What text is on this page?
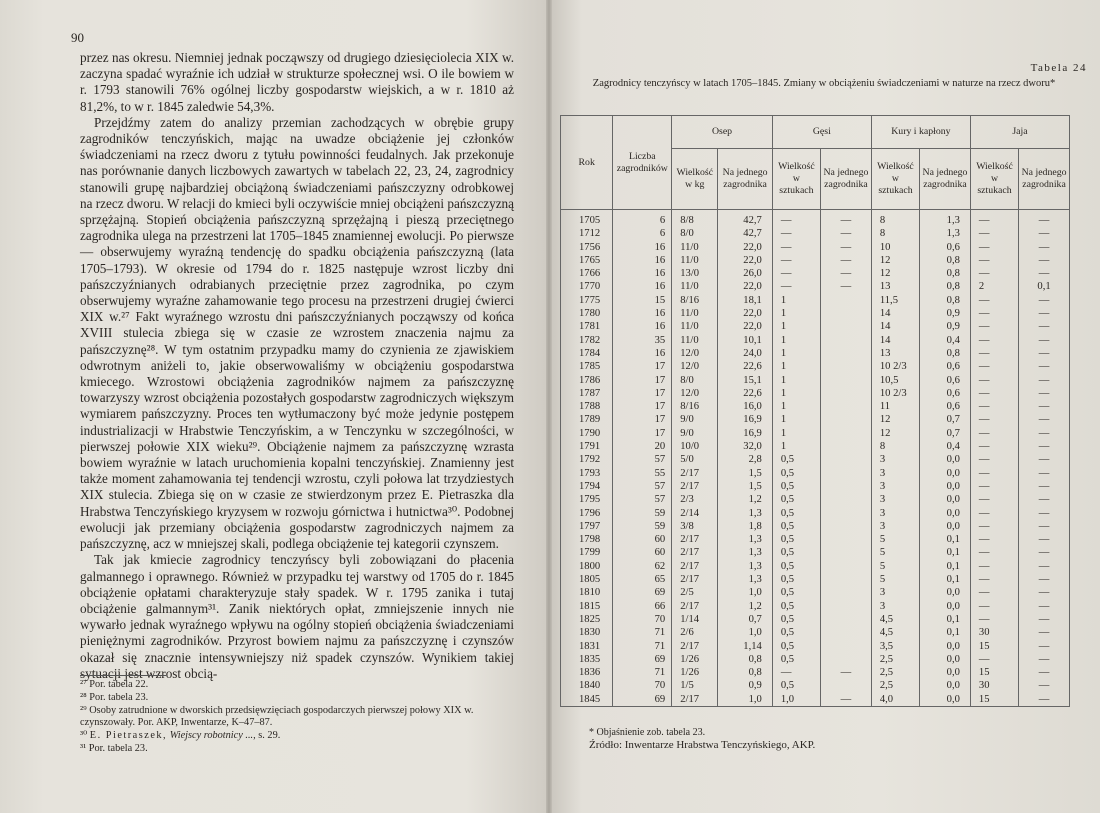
90

przez nas okresu. Niemniej jednak począwszy od drugiego dziesięciolecia XIX w. zaczyna spadać wyraźnie ich udział w strukturze społecznej wsi. O ile bowiem w r. 1793 stanowili 76% ogólnej liczby gospodarstw wiejskich, a w r. 1810 aż 81,2%, to w r. 1845 zaledwie 54,3%.

Przejdźmy zatem do analizy przemian zachodzących w obrębie grupy zagrodników tenczyńskich, mając na uwadze obciążenie jej członków świadczeniami na rzecz dworu z tytułu powinności feudalnych. Jak przekonuje nas porównanie danych liczbowych zawartych w tabelach 22, 23, 24, zagrodnicy stanowili grupę najbardziej obciążoną świadczeniami pańszczyzny odrobkowej na rzecz dworu. W relacji do kmieci byli oczywiście mniej obciążeni pańszczyzną sprzężajną. Stopień obciążenia pańszczyzną sprzężajną i pieszą przeciętnego zagrodnika ulega na przestrzeni lat 1705–1845 znamiennej ewolucji. Po pierwsze — obserwujemy wyraźną tendencję do spadku obciążenia pańszczyzną (lata 1705–1793). W okresie od 1794 do r. 1825 następuje wzrost liczby dni pańszczyźnianych odrabianych przeciętnie przez zagrodnika, po czym obserwujemy wyraźne zahamowanie tego procesu na przestrzeni drugiej ćwierci XIX w.²⁷ Fakt wyraźnego wzrostu dni pańszczyźnianych począwszy od końca XVIII stulecia zbiega się w czasie ze wzrostem znaczenia najmu za pańszczyznę²⁸. W tym ostatnim przypadku mamy do czynienia ze zjawiskiem odwrotnym aniżeli to, jakie obserwowaliśmy w obciążeniu gospodarstwa kmiecego. Wzrostowi obciążenia zagrodników najmem za pańszczyznę towarzyszy wzrost obciążenia pozostałych gospodarstw zagrodniczych większym wymiarem pańszczyzny. Proces ten wytłumaczony być może jedynie postępem industrializacji w Hrabstwie Tenczyńskim, a w Tenczynku w szczególności, w pierwszej połowie XIX wieku²⁹. Obciążenie najmem za pańszczyznę wzrasta bowiem wyraźnie w latach uruchomienia kopalni tenczyńskiej. Znamienny jest także moment zahamowania tej tendencji wzrostu, czyli połowa lat trzydziestych XIX stulecia. Zbiega się on w czasie ze stwierdzonym przez E. Pietraszka dla Hrabstwa Tenczyńskiego kryzysem w rozwoju górnictwa i hutnictwa³⁰. Podobnej ewolucji jak przemiany obciążenia gospodarstw zagrodniczych najmem za pańszczyznę, acz w mniejszej skali, podlega obciążenie tej kategorii czynszem.

Tak jak kmiecie zagrodnicy tenczyńscy byli zobowiązani do płacenia galmannego i oprawnego. Również w przypadku tej warstwy od 1705 do r. 1845 obciążenie opłatami charakteryzuje stały spadek. W r. 1795 zanika i tutaj obciążenie galmannym³¹. Zanik niektórych opłat, zmniejszenie innych nie wywarło jednak wyraźnego wpływu na ogólny stopień obciążenia świadczeniami pieniężnymi zagrodników. Przyrost bowiem najmu za pańszczyznę i czynszów okazał się znacznie intensywniejszy niż spadek czynszów. Wynikiem takiej sytuacji jest wzrost obcią-

²⁷ Por. tabela 22.
²⁸ Por. tabela 23.
²⁹ Osoby zatrudnione w dworskich przedsięwzięciach gospodarczych pierwszej połowy XIX w. czynszowały. Por. AKP, Inwentarze, K–47–87.
³⁰ E. Pietraszek, Wiejscy robotnicy ..., s. 29.
³¹ Por. tabela 23.
Tabela 24
Zagrodnicy tenczyńscy w latach 1705–1845. Zmiany w obciążeniu świadczeniami w naturze na rzecz dworu*
Rok	Liczba zagrodników	Osep		Gęsi		Kury i kapłony		Jaja	
		Wielkość w kg	Na jednego zagrodnika	Wielkość w sztukach	Na jednego zagrodnika	Wielkość w sztukach	Na jednego zagrodnika	Wielkość w sztukach	Na jednego zagrodnika
1705	6	8/8	42,7	—	—	8	1,3	—	—
1712	6	8/0	42,7	—	—	8	1,3	—	—
1756	16	11/0	22,0	—	—	10	0,6	—	—
1765	16	11/0	22,0	—	—	12	0,8	—	—
1766	16	13/0	26,0	—	—	12	0,8	—	—
1770	16	11/0	22,0	—	—	13	0,8	2	0,1
1775	15	8/16	18,1	1		11,5	0,8	—	—
1780	16	11/0	22,0	1		14	0,9	—	—
1781	16	11/0	22,0	1		14	0,9	—	—
1782	35	11/0	10,1	1		14	0,4	—	—
1784	16	12/0	24,0	1		13	0,8	—	—
1785	17	12/0	22,6	1		10 2/3	0,6	—	—
1786	17	8/0	15,1	1		10,5	0,6	—	—
1787	17	12/0	22,6	1		10 2/3	0,6	—	—
1788	17	8/16	16,0	1		11	0,6	—	—
1789	17	9/0	16,9	1		12	0,7	—	—
1790	17	9/0	16,9	1		12	0,7	—	—
1791	20	10/0	32,0	1		8	0,4	—	—
1792	57	5/0	2,8	0,5		3	0,0	—	—
1793	55	2/17	1,5	0,5		3	0,0	—	—
1794	57	2/17	1,5	0,5		3	0,0	—	—
1795	57	2/3	1,2	0,5		3	0,0	—	—
1796	59	2/14	1,3	0,5		3	0,0	—	—
1797	59	3/8	1,8	0,5		3	0,0	—	—
1798	60	2/17	1,3	0,5		5	0,1	—	—
1799	60	2/17	1,3	0,5		5	0,1	—	—
1800	62	2/17	1,3	0,5		5	0,1	—	—
1805	65	2/17	1,3	0,5		5	0,1	—	—
1810	69	2/5	1,0	0,5		3	0,0	—	—
1815	66	2/17	1,2	0,5		3	0,0	—	—
1825	70	1/14	0,7	0,5		4,5	0,1	—	—
1830	71	2/6	1,0	0,5		4,5	0,1	30	—
1831	71	2/17	1,14	0,5		3,5	0,0	15	—
1835	69	1/26	0,8	0,5		2,5	0,0	—	—
1836	71	1/26	0,8	—	—	2,5	0,0	15	—
1840	70	1/5	0,9	0,5		2,5	0,0	30	—
1845	69	2/17	1,0	1,0	—	4,0	0,0	15	—
* Objaśnienie zob. tabela 23.
Źródło: Inwentarze Hrabstwa Tenczyńskiego, AKP.
